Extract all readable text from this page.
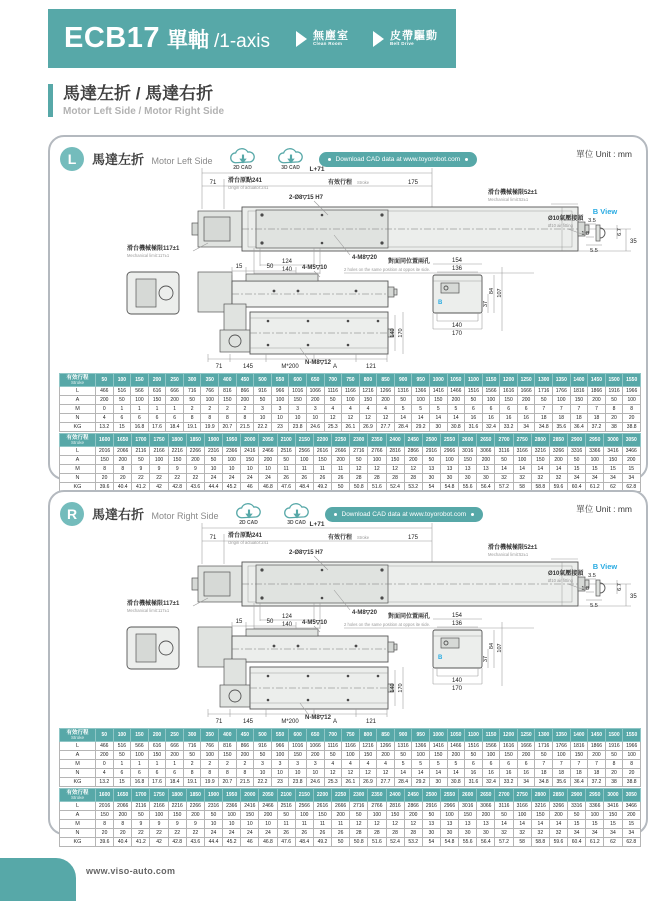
ECB17 單軸 /1-axis	無塵室
Clean Room
皮帶驅動
Belt Drive
馬達左折 / 馬達右折
Motor Left Side / Motor Right Side
L	馬達左折 Motor Left Side
2D CAD	3D CAD
Download CAD data at www.toyorobot.com	單位 Unit : mm
L+71
71 滑台原點241
Origin of actuator:241
有效行程 Stroke	175
2-Ø8▽15 H7
滑台機械極限52±1
Mechanical limit:52±1
Ø10氣壓接頭
Ø10 air fitting
35
滑台機械極限117±1
Mechanical limit:117±1
124
140
4-M8▽20
B View
3.5
6.7
1.8
5.5
15	50	4-M5▽10
對面同位置兩孔
2 holes on the same position at oppos ite side.
154
136
B	37
84 107
140
170
N-M8▽12
140 170
71	145	M*200	A	121
有效行程
Stroke	50	100	150	200	250	300	350	400	450	500	550	600	650	700	750	800	850	900	950	1000	1050	1100	1150	1200	1250	1300	1350	1400	1450	1500	1550
L	466	516	566	616	666	716	766	816	866	916	966	1016	1066	1116	1166	1216	1266	1316	1366	1416	1466	1516	1566	1616	1666	1716	1766	1816	1866	1916	1966
A	200	50	100	150	200	50	100	150	200	50	100	150	200	50	100	150	200	50	100	150	200	50	100	150	200	50	100	150	200	50	100
M	0	1	1	1	1	2	2	2	2	3	3	3	3	4	4	4	4	5	5	5	5	6	6	6	6	7	7	7	7	8	8
N	4	6	6	6	6	8	8	8	8	10	10	10	10	12	12	12	12	14	14	14	14	16	16	16	16	18	18	18	18	20	20
KG	13.2	15	16.8	17.6	18.4	19.1	19.9	20.7	21.5	22.2	23	23.8	24.6	25.3	26.1	26.9	27.7	28.4	29.2	30	30.8	31.6	32.4	33.2	34	34.8	35.6	36.4	37.2	38	38.8
有效行程
Stroke	1600	1650	1700	1750	1800	1850	1900	1950	2000	2050	2100	2150	2200	2250	2300	2350	2400	2450	2500	2550	2600	2650	2700	2750	2800	2850	2900	2950	3000	3050
L	2016	2066	2116	2166	2216	2266	2316	2366	2416	2466	2516	2566	2616	2666	2716	2766	2816	2866	2916	2966	3016	3066	3116	3166	3216	3266	3316	3366	3416	3466
A	150	200	50	100	150	200	50	100	150	200	50	100	150	200	50	100	150	200	50	100	150	200	50	100	150	200	50	100	150	200
M	8	8	9	9	9	9	10	10	10	10	11	11	11	11	12	12	12	12	13	13	13	13	14	14	14	14	15	15	15	15
N	20	20	22	22	22	22	24	24	24	24	26	26	26	26	28	28	28	28	30	30	30	30	32	32	32	32	34	34	34	34
KG	39.6	40.4	41.2	42	42.8	43.6	44.4	45.2	46	46.8	47.6	48.4	49.2	50	50.8	51.6	52.4	53.2	54	54.8	55.6	56.4	57.2	58	58.8	59.6	60.4	61.2	62	62.8
R	馬達右折 Motor Right Side
2D CAD	3D CAD
Download CAD data at www.toyorobot.com	單位 Unit : mm
L+71
71 滑台原點241
Origin of actuator:241
有效行程 Stroke	175
2-Ø8▽15 H7
滑台機械極限52±1
Mechanical limit:52±1
Ø10氣壓接頭
Ø10 air fitting
35
滑台機械極限117±1
Mechanical limit:117±1
124
140
4-M8▽20
B View
3.5
6.7
1.8
5.5
15	50	4-M5▽10
對面同位置兩孔
2 holes on the same position at oppos ite side.
154
136
B	37
84 107
140
170
N-M8▽12
140 170
71	145	M*200	A	121
有效行程
Stroke	50	100	150	200	250	300	350	400	450	500	550	600	650	700	750	800	850	900	950	1000	1050	1100	1150	1200	1250	1300	1350	1400	1450	1500	1550
L	466	516	566	616	666	716	766	816	866	916	966	1016	1066	1116	1166	1216	1266	1316	1366	1416	1466	1516	1566	1616	1666	1716	1766	1816	1866	1916	1966
A	200	50	100	150	200	50	100	150	200	50	100	150	200	50	100	150	200	50	100	150	200	50	100	150	200	50	100	150	200	50	100
M	0	1	1	1	1	2	2	2	2	3	3	3	3	4	4	4	4	5	5	5	5	6	6	6	6	7	7	7	7	8	8
N	4	6	6	6	6	8	8	8	8	10	10	10	10	12	12	12	12	14	14	14	14	16	16	16	16	18	18	18	18	20	20
KG	13.2	15	16.8	17.6	18.4	19.1	19.9	20.7	21.5	22.2	23	23.8	24.6	25.3	26.1	26.9	27.7	28.4	29.2	30	30.8	31.6	32.4	33.2	34	34.8	35.6	36.4	37.2	38	38.8
有效行程
Stroke	1600	1650	1700	1750	1800	1850	1900	1950	2000	2050	2100	2150	2200	2250	2300	2350	2400	2450	2500	2550	2600	2650	2700	2750	2800	2850	2900	2950	3000	3050
L	2016	2066	2116	2166	2216	2266	2316	2366	2416	2466	2516	2566	2616	2666	2716	2766	2816	2866	2916	2966	3016	3066	3116	3166	3216	3266	3316	3366	3416	3466
A	150	200	50	100	150	200	50	100	150	200	50	100	150	200	50	100	150	200	50	100	150	200	50	100	150	200	50	100	150	200
M	8	8	9	9	9	9	10	10	10	10	11	11	11	11	12	12	12	12	13	13	13	13	14	14	14	14	15	15	15	15
N	20	20	22	22	22	22	24	24	24	24	26	26	26	26	28	28	28	28	30	30	30	30	32	32	32	32	34	34	34	34
KG	39.6	40.4	41.2	42	42.8	43.6	44.4	45.2	46	46.8	47.6	48.4	49.2	50	50.8	51.6	52.4	53.2	54	54.8	55.6	56.4	57.2	58	58.8	59.6	60.4	61.2	62	62.8
www.viso-auto.com
